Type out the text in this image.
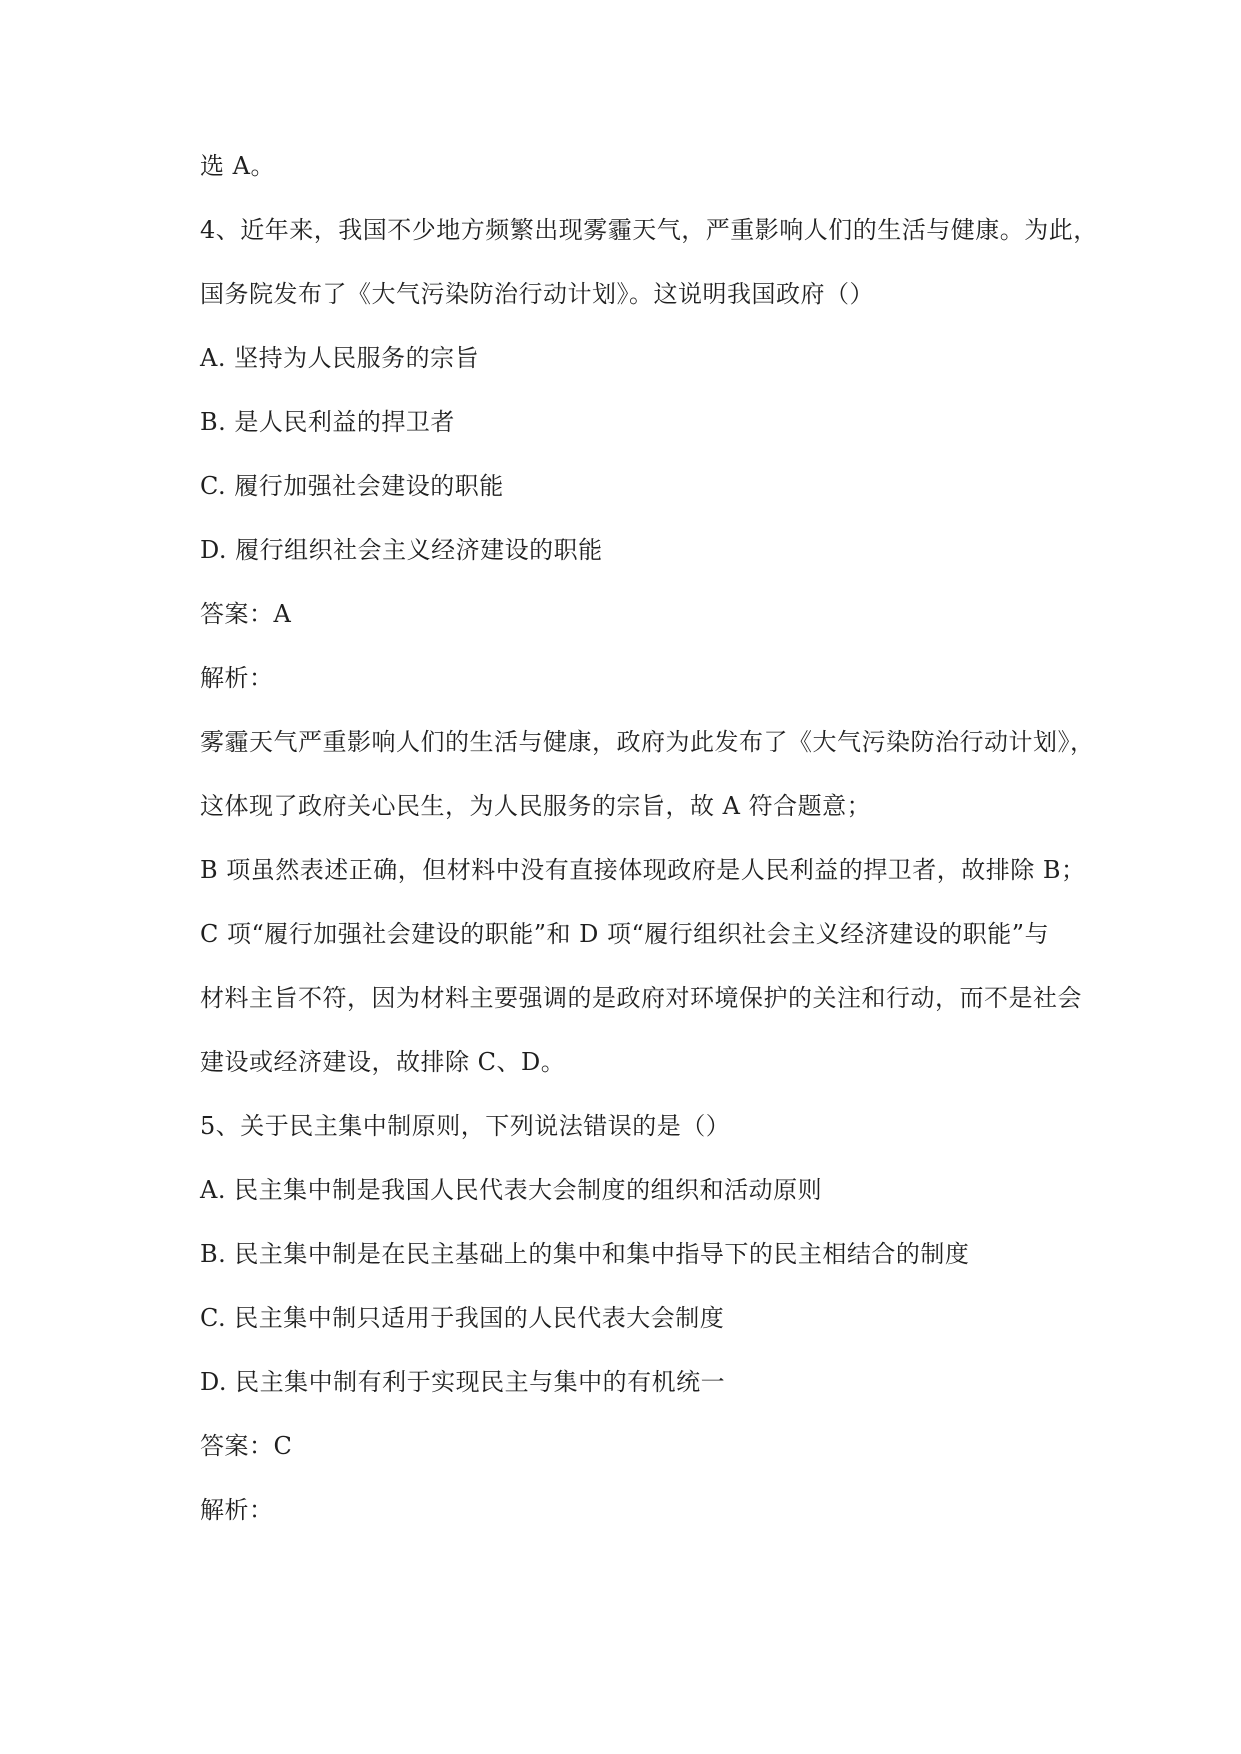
选 A。

4、近年来，我国不少地方频繁出现雾霾天气，严重影响人们的生活与健康。为此，

国务院发布了《大气污染防治行动计划》。这说明我国政府（）

A. 坚持为人民服务的宗旨

B. 是人民利益的捍卫者

C. 履行加强社会建设的职能

D. 履行组织社会主义经济建设的职能

答案：A

解析：

雾霾天气严重影响人们的生活与健康，政府为此发布了《大气污染防治行动计划》，

这体现了政府关心民生，为人民服务的宗旨，故 A 符合题意；

B 项虽然表述正确，但材料中没有直接体现政府是人民利益的捍卫者，故排除 B；

C 项“履行加强社会建设的职能”和 D 项“履行组织社会主义经济建设的职能”与

材料主旨不符，因为材料主要强调的是政府对环境保护的关注和行动，而不是社会

建设或经济建设，故排除 C、D。

5、关于民主集中制原则，下列说法错误的是（）

A. 民主集中制是我国人民代表大会制度的组织和活动原则

B. 民主集中制是在民主基础上的集中和集中指导下的民主相结合的制度

C. 民主集中制只适用于我国的人民代表大会制度

D. 民主集中制有利于实现民主与集中的有机统一

答案：C

解析：
